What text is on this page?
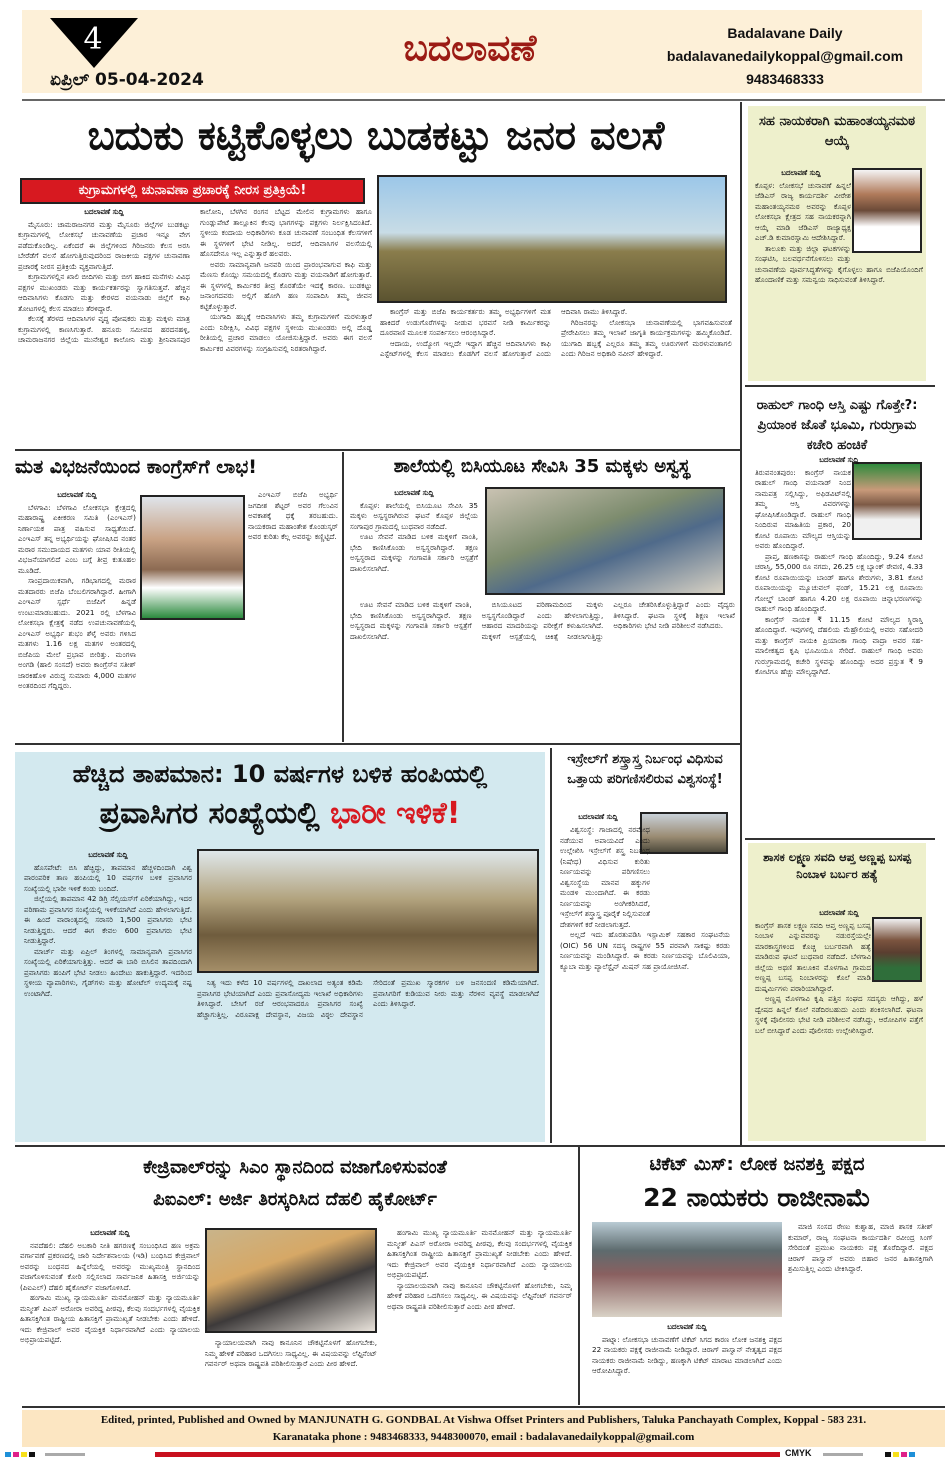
4
ಏಪ್ರಿಲ್ 05-04-2024
ಬದಲಾವಣೆ	Badalavane Daily
badalavanedailykoppal@gmail.com
9483468333
ಬದುಕು ಕಟ್ಟಿಕೊಳ್ಳಲು ಬುಡಕಟ್ಟು ಜನರ ವಲಸೆ
ಕುಗ್ರಾಮಗಳಲ್ಲಿ ಚುನಾವಣಾ ಪ್ರಚಾರಕ್ಕೆ ನೀರಸ ಪ್ರತಿಕ್ರಿಯೆ!
ಬದಲಾವಣೆ ಸುದ್ದಿ

ಮೈಸೂರು: ಚಾಮರಾಜನಗರ ಮತ್ತು ಮೈಸೂರು ಜಿಲ್ಲೆಗಳ ಬುಡಕಟ್ಟು ಕುಗ್ರಾಮಗಳಲ್ಲಿ ಲೋಕಸಭೆ ಚುನಾವಣೆಯ ಪ್ರಚಾರ ಇನ್ನೂ ವೇಗ ಪಡೆದುಕೊಂಡಿಲ್ಲ. ಏಕೆಂದರೆ ಈ ಜಿಲ್ಲೆಗಳಿಂದ ಗಿರಿಜನರು ಕೆಲಸ ಅರಸಿ ಬೇರೆಡೆಗೆ ವಲಸೆ ಹೋಗುತ್ತಿರುವುದರಿಂದ ರಾಜಕೀಯ ಪಕ್ಷಗಳ ಚುನಾವಣಾ ಪ್ರಚಾರಕ್ಕೆ ನೀರಸ ಪ್ರತಿಕ್ರಿಯೆ ವ್ಯಕ್ತವಾಗುತ್ತಿದೆ.

ಕುಗ್ರಾಮಗಳಲ್ಲಿನ ಖಾಲಿ ಬೀದಿಗಳು ಮತ್ತು ಬೀಗ ಹಾಕಿದ ಮನೆಗಳು ವಿವಿಧ ಪಕ್ಷಗಳ ಮುಖಂಡರು ಮತ್ತು ಕಾರ್ಯಕರ್ತರನ್ನು ಸ್ವಾಗತಿಸುತ್ತವೆ. ಹೆಚ್ಚಿನ ಆದಿವಾಸಿಗಳು ಕೊಡಗು ಮತ್ತು ಕೇರಳದ ವಯನಾಡು ಜಿಲ್ಲೆಗೆ ಕಾಫಿ ತೋಟಗಳಲ್ಲಿ ಕೆಲಸ ಮಾಡಲು ತೆರಳಿದ್ದಾರೆ.

ಕೆಲಸಕ್ಕೆ ತೆರಳದ ಆದಿವಾಸಿಗಳ ವೃದ್ಧ ಪೋಷಕರು ಮತ್ತು ಮಕ್ಕಳು ಮಾತ್ರ ಕುಗ್ರಾಮಗಳಲ್ಲಿ ಕಾಣಸಿಗುತ್ತಾರೆ. ಹನೂರು ಸಮೀಪದ ಹರದನಹಳ್ಳಿ, ಚಾಮರಾಜನಗರ ಜಿಲ್ಲೆಯ ಮುನೇಶ್ವರ ಕಾಲೋನಿ ಮತ್ತು ಶ್ರೀನಿವಾಸಪುರ ಕಾಲೋನಿ, ಬೆಳಗಿನ ರಂಗನ ಬೆಟ್ಟದ ಮೇಲಿನ ಕುಗ್ರಾಮಗಳು ಹಾಗೂ ಗುಂಡ್ಲುಪೇಟೆ ತಾಲ್ಲೂಕಿನ ಕೆಲವು ಭಾಗಗಳನ್ನು ಪಕ್ಷಗಳು ನಿರ್ಲಕ್ಷಿಸಿದಂತಿದೆ. ಸ್ಥಳೀಯ ಕಂದಾಯ ಅಧಿಕಾರಿಗಳು ಕೂಡ ಚುನಾವಣೆ ಸಂಬಂಧಿತ ಕೆಲಸಗಳಿಗೆ ಈ ಸ್ಥಳಗಳಿಗೆ ಭೇಟಿ ನೀಡಿಲ್ಲ. ಅದರೆ, ಆದಿವಾಸಿಗಳ ವಲಸೆಯಲ್ಲಿ ಹೊಸದೇನೂ ಇಲ್ಲ ಎನ್ನುತ್ತಾರೆ ಹಲವರು.

ಅವರು ಸಾಮಾನ್ಯವಾಗಿ ಜನವರಿ ಯಿಂದ ಪ್ರಾರಂಭವಾಗುವ ಕಾಫಿ ಮತ್ತು ಮೆಣಸು ಕೊಯ್ಲು ಸಮಯದಲ್ಲಿ ಕೊಡಗು ಮತ್ತು ವಯನಾಡಿಗೆ ಹೋಗುತ್ತಾರೆ. ಈ ಸ್ಥಳಗಳಲ್ಲಿ ಕಾರ್ಮಿಕರ ತೀವ್ರ ಕೊರತೆಯೇ ಇದಕ್ಕೆ ಕಾರಣ. ಬುಡಕಟ್ಟು ಜನಾಂಗದವರು ಅಲ್ಲಿಗೆ ಹೋಗಿ ಹಣ ಸಂಪಾದಿಸಿ ತಮ್ಮ ಜೀವನ ಕಟ್ಟಿಕೊಳ್ಳುತ್ತಾರೆ.

ಯುಗಾದಿ ಹಬ್ಬಕ್ಕೆ ಆದಿವಾಸಿಗಳು ತಮ್ಮ ಕುಗ್ರಾಮಗಳಿಗೆ ಮರಳುತ್ತಾರೆ ಎಂದು ನಿರೀಕ್ಷಿಸಿ, ವಿವಿಧ ಪಕ್ಷಗಳ ಸ್ಥಳೀಯ ಮುಖಂಡರು ಅಲ್ಲಿ ದೊಡ್ಡ ರೀತಿಯಲ್ಲಿ ಪ್ರಚಾರ ಮಾಡಲು ಯೋಜಿಸುತ್ತಿದ್ದಾರೆ. ಅವರು ಈಗ ವಲಸೆ ಕಾರ್ಮಿಕರ ವಿವರಗಳನ್ನು ಸಂಗ್ರಹಿಸುವಲ್ಲಿ ನಿರತರಾಗಿದ್ದಾರೆ.

ಕಾಂಗ್ರೆಸ್ ಮತ್ತು ಬಿಜೆಪಿ ಕಾರ್ಯಕರ್ತರು ತಮ್ಮ ಅಭ್ಯರ್ಥಿಗಳಿಗೆ ಮತ ಹಾಕಿದರೆ ಉಡುಗೊರೆಗಳನ್ನು ನೀಡುವ ಭರವಸೆ ನೀಡಿ ಕಾರ್ಮಿಕರನ್ನು ದೂರವಾಣಿ ಮೂಲಕ ಸಂಪರ್ಕಿಸಲು ಆರಂಭಿಸಿದ್ದಾರೆ.

ಆದಾಯ, ಉದ್ಯೋಗ ಇಲ್ಲದೇ ಇದ್ದಾಗ ಹೆಚ್ಚಿನ ಆದಿವಾಸಿಗಳು ಕಾಫಿ ಎಸ್ಟೇಟ್‌ಗಳಲ್ಲಿ ಕೆಲಸ ಮಾಡಲು ಕೊಡಗಿಗೆ ವಲಸೆ ಹೋಗುತ್ತಾರೆ ಎಂದು ಆದಿವಾಸಿ ರಾಮು ತಿಳಿಸಿದ್ದಾರೆ.

ಗಿರಿಜನರನ್ನು ಲೋಕಸಭಾ ಚುನಾವಣೆಯಲ್ಲಿ ಭಾಗವಹಿಸುವಂತೆ ಪ್ರೇರೇಪಿಸಲು ತಮ್ಮ ಇಲಾಖೆ ಜಾಗೃತಿ ಕಾರ್ಯಕ್ರಮಗಳನ್ನು ಹಮ್ಮಿಕೊಂಡಿದೆ. ಯುಗಾದಿ ಹಬ್ಬಕ್ಕೆ ಎಲ್ಲರೂ ತಮ್ಮ ತಮ್ಮ ಊರುಗಳಿಗೆ ಮರಳುವಂತಾಗಲಿ ಎಂದು ಗಿರಿಜನ ಅಧಿಕಾರಿ ನವೀನ್ ಹೇಳಿದ್ದಾರೆ.

ಮತ ವಿಭಜನೆಯಿಂದ ಕಾಂಗ್ರೆಸ್‌ಗೆ ಲಾಭ!
ಬದಲಾವಣೆ ಸುದ್ದಿ

ಬೆಳಗಾವಿ: ಬೆಳಗಾವಿ ಲೋಕಸಭಾ ಕ್ಷೇತ್ರದಲ್ಲಿ ಮಹಾರಾಷ್ಟ್ರ ಏಕೀಕರಣ ಸಮಿತಿ (ಎಂಇಎಸ್) ನಿರ್ಣಾಯಕ ಪಾತ್ರ ವಹಿಸುವ ಸಾಧ್ಯತೆಯಿದೆ. ಎಂಇಎಸ್ ತನ್ನ ಅಭ್ಯರ್ಥಿಯನ್ನು ಘೋಷಿಸಿದ ನಂತರ ಮರಾಠ ಸಮುದಾಯದ ಮತಗಳು ಯಾವ ರೀತಿಯಲ್ಲಿ ವಿಭಜನೆಯಾಗಲಿದೆ ಎಂಬ ಬಗ್ಗೆ ತೀವ್ರ ಕುತೂಹಲ ಮೂಡಿದೆ.

ಸಾಂಪ್ರದಾಯಿಕವಾಗಿ, ಗಡಿಭಾಗದಲ್ಲಿ ಮರಾಠ ಮತದಾರರು ಬಿಜೆಪಿ ಬೆಂಬಲಿಗರಾಗಿದ್ದಾರೆ. ಹೀಗಾಗಿ ಎಂಇಎಸ್ ಸ್ಪರ್ಧೆ ಬಿಜೆಪಿಗೆ ಹಿನ್ನಡೆ ಉಂಟುಮಾಡಬಹುದು. 2021 ರಲ್ಲಿ ಬೆಳಗಾವಿ ಲೋಕಸಭಾ ಕ್ಷೇತ್ರಕ್ಕೆ ನಡೆದ ಉಪಚುನಾವಣೆಯಲ್ಲಿ ಎಂಇಎಸ್ ಅಭ್ಯರ್ಥಿ ಶುಭಂ ಶೆಳ್ಕೆ ಅವರು ಗಳಿಸಿದ ಮತಗಳು 1.16 ಲಕ್ಷ ಮತಗಳ ಅಂತರದಲ್ಲಿ ಬಿಜೆಪಿಯ ಮೇಲೆ ಪ್ರಭಾವ ಬೀರಿತ್ತು. ಮಂಗಳಾ ಅಂಗಡಿ (ಹಾಲಿ ಸಂಸದೆ) ಅವರು ಕಾಂಗ್ರೆಸ್‌ನ ಸತೀಶ್ ಜಾರಕಿಹೊಳಿ ವಿರುದ್ಧ ಸುಮಾರು 4,000 ಮತಗಳ ಅಂತರದಿಂದ ಗೆದ್ದಿದ್ದರು.

ಎಂಇಎಸ್ ಬಿಜೆಪಿ ಅಭ್ಯರ್ಥಿ ಜಗದೀಶ ಶೆಟ್ಟರ್ ಅವರ ಗೆಲುವಿನ ಅವಕಾಶಕ್ಕೆ ಧಕ್ಕೆ ತರಬಹುದು. ನಾಯಕರಾದ ಮಹಾಂತೇಶ ಕೊಂಡುಸ್ಕರ್ ಅವರ ಕುರಿತು ಕೆಲ್ಲ ಅವರನ್ನು ಕಣ್ಣಿಟ್ಟಿದೆ.

ಶಾಲೆಯಲ್ಲಿ ಬಿಸಿಯೂಟ ಸೇವಿಸಿ 35 ಮಕ್ಕಳು ಅಸ್ವಸ್ಥ
ಬದಲಾವಣೆ ಸುದ್ದಿ

ಕೊಪ್ಪಳ: ಶಾಲೆಯಲ್ಲಿ ಬಿಸಿಯೂಟ ಸೇವಿಸಿ 35 ಮಕ್ಕಳು ಅಸ್ವಸ್ಥರಾಗಿರುವ ಘಟನೆ ಕೊಪ್ಪಳ ಜಿಲ್ಲೆಯ ಸಂಗಾಪುರ ಗ್ರಾಮದಲ್ಲಿ ಬುಧವಾರ ನಡೆದಿದೆ.

ಊಟ ಸೇವನೆ ಮಾಡಿದ ಬಳಿಕ ಮಕ್ಕಳಿಗೆ ವಾಂತಿ, ಭೇದಿ ಕಾಣಿಸಿಕೊಂಡು ಅಸ್ವಸ್ಥರಾಗಿದ್ದಾರೆ. ತಕ್ಷಣ ಅಸ್ವಸ್ಥರಾದ ಮಕ್ಕಳನ್ನು ಗಂಗಾವತಿ ಸರ್ಕಾರಿ ಆಸ್ಪತ್ರೆಗೆ ದಾಖಲಿಸಲಾಗಿದೆ.

ಊಟ ಸೇವನೆ ಮಾಡಿದ ಬಳಿಕ ಮಕ್ಕಳಿಗೆ ವಾಂತಿ, ಭೇದಿ ಕಾಣಿಸಿಕೊಂಡು ಅಸ್ವಸ್ಥರಾಗಿದ್ದಾರೆ. ತಕ್ಷಣ ಅಸ್ವಸ್ಥರಾದ ಮಕ್ಕಳನ್ನು ಗಂಗಾವತಿ ಸರ್ಕಾರಿ ಆಸ್ಪತ್ರೆಗೆ ದಾಖಲಿಸಲಾಗಿದೆ.

ಬಿಸಿಯೂಟದ ಪರಿಣಾಮದಿಂದ ಮಕ್ಕಳು ಅಸ್ವಸ್ಥಗೊಂಡಿದ್ದಾರೆ ಎಂದು ಹೇಳಲಾಗುತ್ತಿದ್ದು, ಆಹಾರದ ಮಾದರಿಯನ್ನು ಪರೀಕ್ಷೆಗೆ ಕಳುಹಿಸಲಾಗಿದೆ. ಮಕ್ಕಳಿಗೆ ಆಸ್ಪತ್ರೆಯಲ್ಲಿ ಚಿಕಿತ್ಸೆ ನೀಡಲಾಗುತ್ತಿದ್ದು ಎಲ್ಲರೂ ಚೇತರಿಸಿಕೊಳ್ಳುತ್ತಿದ್ದಾರೆ ಎಂದು ವೈದ್ಯರು ತಿಳಿಸಿದ್ದಾರೆ. ಘಟನಾ ಸ್ಥಳಕ್ಕೆ ಶಿಕ್ಷಣ ಇಲಾಖೆ ಅಧಿಕಾರಿಗಳು ಭೇಟಿ ನೀಡಿ ಪರಿಶೀಲನೆ ನಡೆಸಿದರು.

ಹೆಚ್ಚಿದ ತಾಪಮಾನ: 10 ವರ್ಷಗಳ ಬಳಿಕ ಹಂಪಿಯಲ್ಲಿ
ಪ್ರವಾಸಿಗರ ಸಂಖ್ಯೆಯಲ್ಲಿ ಭಾರೀ ಇಳಿಕೆ!
ಬದಲಾವಣೆ ಸುದ್ದಿ

ಹೊಸಪೇಟೆ: ಬಿಸಿ ಹೆಚ್ಚಿದ್ದು, ತಾಪಮಾನ ಹೆಚ್ಚಳದಿಂದಾಗಿ ವಿಶ್ವ ಪಾರಂಪರಿಕ ತಾಣ ಹಂಪಿಯಲ್ಲಿ 10 ವರ್ಷಗಳ ಬಳಿಕ ಪ್ರವಾಸಿಗರ ಸಂಖ್ಯೆಯಲ್ಲಿ ಭಾರೀ ಇಳಿಕೆ ಕಂಡು ಬಂದಿದೆ.

ಜಿಲ್ಲೆಯಲ್ಲಿ ತಾಪಮಾನ 42 ಡಿಗ್ರಿ ಸೆಲ್ಸಿಯಸ್‌ಗೆ ಏರಿಕೆಯಾಗಿದ್ದು, ಇದರ ಪರಿಣಾಮ ಪ್ರವಾಸಿಗರ ಸಂಖ್ಯೆಯಲ್ಲಿ ಇಳಿಕೆಯಾಗಿದೆ ಎಂದು ಹೇಳಲಾಗುತ್ತಿದೆ. ಈ ಹಿಂದೆ ವಾರಾಂತ್ಯದಲ್ಲಿ ಸರಾಸರಿ 1,500 ಪ್ರವಾಸಿಗರು ಭೇಟಿ ನೀಡುತ್ತಿದ್ದರು. ಆದರೆ ಈಗ ಕೇವಲ 600 ಪ್ರವಾಸಿಗರು ಭೇಟಿ ನೀಡುತ್ತಿದ್ದಾರೆ.

ಮಾರ್ಚ್ ಮತ್ತು ಏಪ್ರಿಲ್ ತಿಂಗಳಲ್ಲಿ ಸಾಮಾನ್ಯವಾಗಿ ಪ್ರವಾಸಿಗರ ಸಂಖ್ಯೆಯಲ್ಲಿ ಏರಿಕೆಯಾಗುತ್ತಿತ್ತು. ಆದರೆ ಈ ಬಾರಿ ಬಿಸಿಲಿನ ತಾಪದಿಂದಾಗಿ ಪ್ರವಾಸಿಗರು ಹಂಪಿಗೆ ಭೇಟಿ ನೀಡಲು ಹಿಂದೇಟು ಹಾಕುತ್ತಿದ್ದಾರೆ. ಇದರಿಂದ ಸ್ಥಳೀಯ ವ್ಯಾಪಾರಿಗಳು, ಗೈಡ್‌ಗಳು ಮತ್ತು ಹೋಟೆಲ್ ಉದ್ಯಮಕ್ಕೆ ನಷ್ಟ ಉಂಟಾಗಿದೆ.

ನಿತ್ಯ ಇದು ಕಳೆದ 10 ವರ್ಷಗಳಲ್ಲಿ ದಾಖಲಾದ ಅತ್ಯಂತ ಕಡಿಮೆ ಪ್ರವಾಸಿಗರ ಭೇಟಿಯಾಗಿದೆ ಎಂದು ಪ್ರವಾಸೋದ್ಯಮ ಇಲಾಖೆ ಅಧಿಕಾರಿಗಳು ತಿಳಿಸಿದ್ದಾರೆ. ಬೇಸಿಗೆ ರಜೆ ಆರಂಭವಾದರೂ ಪ್ರವಾಸಿಗರ ಸಂಖ್ಯೆ ಹೆಚ್ಚಾಗುತ್ತಿಲ್ಲ. ವಿರೂಪಾಕ್ಷ ದೇವಸ್ಥಾನ, ವಿಜಯ ವಿಠ್ಠಲ ದೇವಸ್ಥಾನ ಸೇರಿದಂತೆ ಪ್ರಮುಖ ಸ್ಮಾರಕಗಳ ಬಳಿ ಜನಸಂದಣಿ ಕಡಿಮೆಯಾಗಿದೆ. ಪ್ರವಾಸಿಗರಿಗೆ ಕುಡಿಯುವ ನೀರು ಮತ್ತು ನೆರಳಿನ ವ್ಯವಸ್ಥೆ ಮಾಡಲಾಗಿದೆ ಎಂದು ತಿಳಿಸಿದ್ದಾರೆ.

ಇಸ್ರೇಲ್‌ಗೆ ಶಸ್ತ್ರಾಸ್ತ್ರ ನಿರ್ಬಂಧ ವಿಧಿಸುವ ಒತ್ತಾಯ ಪರಿಗಣಿಸಲಿರುವ ವಿಶ್ವಸಂಸ್ಥೆ!
ಬದಲಾವಣೆ ಸುದ್ದಿ

ವಿಶ್ವಸಂಸ್ಥೆ: ಗಾಜಾದಲ್ಲಿ ನರಮೇಧ ನಡೆಯುವ ಅಪಾಯವಿದೆ ಎಂದು ಉಲ್ಲೇಖಿಸಿ ಇಸ್ರೇಲ್‌ಗೆ ಶಸ್ತ್ರ ನಿರ್ಬಂಧ (ನಿಷೇಧ) ವಿಧಿಸುವ ಕುರಿತು ನಿರ್ಣಯವನ್ನು ಪರಿಗಣಿಸಲು ವಿಶ್ವಸಂಸ್ಥೆಯ ಮಾನವ ಹಕ್ಕುಗಳ ಮಂಡಳಿ ಮುಂದಾಗಿದೆ. ಈ ಕರಡು ನಿರ್ಣಯವನ್ನು ಅಂಗೀಕರಿಸಿದರೆ, ಇಸ್ರೇಲ್‌ಗೆ ಶಸ್ತ್ರಾಸ್ತ್ರ ಪೂರೈಕೆ ನಿಲ್ಲಿಸುವಂತೆ ದೇಶಗಳಿಗೆ ಕರೆ ನೀಡಲಾಗುತ್ತದೆ.

ಅಲ್ಲದೆ ಇದು ಹೊರತುಪಡಿಸಿ ಇಸ್ಲಾಮಿಕ್ ಸಹಕಾರ ಸಂಘಟನೆಯ (OIC) 56 UN ಸದಸ್ಯ ರಾಷ್ಟ್ರಗಳ 55 ಪರವಾಗಿ ಸಾಕಷ್ಟು ಕರಡು ನಿರ್ಣಯವನ್ನು ಮಂಡಿಸಿದ್ದಾರೆ. ಈ ಕರಡು ನಿರ್ಣಯವನ್ನು ಬೊಲಿವಿಯಾ, ಕ್ಯೂಬಾ ಮತ್ತು ಪ್ಯಾಲೆಸ್ಟೈನ್ ಮಿಷನ್ ಸಹ ಪ್ರಾಯೋಜಿಸಿವೆ.

ಸಹ ನಾಯಕರಾಗಿ ಮಹಾಂತಯ್ಯನಮಠ ಆಯ್ಕೆ
ಬದಲಾವಣೆ ಸುದ್ದಿ

ಕೊಪ್ಪಳ: ಲೋಕಸಭೆ ಚುನಾವಣೆ ಹಿನ್ನಲೆ ಜೆಡಿಎಸ್ ರಾಜ್ಯ ಕಾರ್ಯದರ್ಶಿ ವೀರೇಶ ಮಹಾಂತಯ್ಯನಮಠ ಅವರನ್ನು ಕೊಪ್ಪಳ ಲೋಕಸಭಾ ಕ್ಷೇತ್ರದ ಸಹ ನಾಯಕರನ್ನಾಗಿ ಆಯ್ಕೆ ಮಾಡಿ ಜೆಡಿಎಸ್ ರಾಜ್ಯಾಧ್ಯಕ್ಷ ಎಚ್.ಡಿ ಕುಮಾರಸ್ವಾಮಿ ಆದೇಶಿಸಿದ್ದಾರೆ.

ತಾಲೂಕು ಮತ್ತು ಜಿಲ್ಲಾ ಘಟಕಗಳನ್ನು ಸಂಘಟಿಸಿ, ಬಲವರ್ಧನೆಗೊಳಿಸಲು ಮತ್ತು ಚುನಾವಣೆಯ ಪೂರ್ವಸಿದ್ಧತೆಗಳನ್ನು ಕೈಗೊಳ್ಳಲು ಹಾಗೂ ಬಿಜೆಪಿಯೊಂದಿಗೆ ಹೊಂದಾಣಿಕೆ ಮತ್ತು ಸಮನ್ವಯ ಸಾಧಿಸುವಂತೆ ತಿಳಿಸಿದ್ದಾರೆ.

ರಾಹುಲ್ ಗಾಂಧಿ ಆಸ್ತಿ ಎಷ್ಟು ಗೊತ್ತೇ?: ಪ್ರಿಯಾಂಕ ಜೊತೆ ಭೂಮಿ, ಗುರುಗ್ರಾಮ ಕಚೇರಿ ಹಂಚಿಕೆ
ಬದಲಾವಣೆ ಸುದ್ದಿ

ತಿರುವನಂತಪುರಂ: ಕಾಂಗ್ರೆಸ್ ನಾಯಕ ರಾಹುಲ್ ಗಾಂಧಿ ವಯನಾಡ್ ನಿಂದ ನಾಮಪತ್ರ ಸಲ್ಲಿಸಿದ್ದು, ಅಫಿಡವಿಟ್‌ನಲ್ಲಿ ತಮ್ಮ ಆಸ್ತಿ ವಿವರಗಳನ್ನು ಘೋಷಿಸಿಕೊಂಡಿದ್ದಾರೆ. ರಾಹುಲ್ ಗಾಂಧಿ ನಿಂದಿರುವ ಮಾಹಿತಿಯ ಪ್ರಕಾರ, 20 ಕೋಟಿ ರೂಪಾಯಿ ಮೌಲ್ಯದ ಆಸ್ತಿಯನ್ನು ಅವರು ಹೊಂದಿದ್ದಾರೆ.

ಪ್ರಾಪ್ತ, ಹಣಕಾಸನ್ನು ರಾಹುಲ್ ಗಾಂಧಿ ಹೊಂದಿದ್ದು, 9.24 ಕೋಟಿ ಚರಾಸ್ತಿ, 55,000 ರೂ ನಗದು, 26.25 ಲಕ್ಷ ಬ್ಯಾಂಕ್ ಠೇವಣಿ, 4.33 ಕೋಟಿ ರೂಪಾಯಿಯನ್ನು ಬಾಂಡ್ ಹಾಗೂ ಶೇರುಗಳು, 3.81 ಕೋಟಿ ರೂಪಾಯಿಯನ್ನು ಮ್ಯೂಚುವಲ್ ಫಂಡ್, 15.21 ಲಕ್ಷ ರೂಪಾಯಿ ಗೋಲ್ಡ್ ಬಾಂಡ್ ಹಾಗೂ 4.20 ಲಕ್ಷ ರೂಪಾಯಿ ಚಿನ್ನಾಭರಣಗಳನ್ನು ರಾಹುಲ್ ಗಾಂಧಿ ಹೊಂದಿದ್ದಾರೆ.

ಕಾಂಗ್ರೆಸ್ ನಾಯಕ ₹ 11.15 ಕೋಟಿ ಮೌಲ್ಯದ ಸ್ಥಿರಾಸ್ತಿ ಹೊಂದಿದ್ದಾರೆ. ಇವುಗಳಲ್ಲಿ ದೆಹಲಿಯ ಮೆಹ್ರೌಲಿಯಲ್ಲಿ ಅವರು ಸಹೋದರಿ ಮತ್ತು ಕಾಂಗ್ರೆಸ್ ನಾಯಕಿ ಪ್ರಿಯಾಂಕಾ ಗಾಂಧಿ ವಾದ್ರಾ ಅವರ ಸಹ-ಮಾಲೀಕತ್ವದ ಕೃಷಿ ಭೂಮಿಯೂ ಸೇರಿದೆ. ರಾಹುಲ್ ಗಾಂಧಿ ಅವರು ಗುರುಗ್ರಾಮದಲ್ಲಿ ಕಚೇರಿ ಸ್ಥಳವನ್ನು ಹೊಂದಿದ್ದು ಅದರ ಪ್ರಸ್ತುತ ₹ 9 ಕೋಟಿಗೂ ಹೆಚ್ಚು ಮೌಲ್ಯದ್ದಾಗಿದೆ.

ಶಾಸಕ ಲಕ್ಷ್ಮಣ ಸವದಿ ಆಪ್ತ ಅಣ್ಣಪ್ಪ ಬಸಪ್ಪ ನಿಂಬಾಳ ಬರ್ಬರ ಹತ್ಯೆ
ಬದಲಾವಣೆ ಸುದ್ದಿ

ಕಾಂಗ್ರೆಸ್ ಶಾಸಕ ಲಕ್ಷ್ಮಣ ಸವದಿ ಆಪ್ತ ಅಣ್ಣಪ್ಪ ಬಸಪ್ಪ ನಿಂಬಾಳ ಎನ್ನುವವರನ್ನು ನಡುರಸ್ತೆಯಲ್ಲೇ ಮಾರಕಾಸ್ತ್ರಗಳಿಂದ ಕೊಚ್ಚಿ ಬರ್ಬರವಾಗಿ ಹತ್ಯೆ ಮಾಡಿರುವ ಘಟನೆ ಬುಧವಾರ ನಡೆದಿದೆ. ಬೆಳಗಾವಿ ಜಿಲ್ಲೆಯ ಅಥಣಿ ತಾಲೂಕಿನ ಮೊಳಗಾವಿ ಗ್ರಾಮದ ಅಣ್ಣಪ್ಪ ಬಸಪ್ಪ ನಿಂಬಾಳರನ್ನು ಕೊಲೆ ಮಾಡಿ ದುಷ್ಕರ್ಮಿಗಳು ಪರಾರಿಯಾಗಿದ್ದಾರೆ.

ಅಣ್ಣಪ್ಪ ಮೊಳಗಾವಿ ಕೃಷಿ ಪತ್ತಿನ ಸಂಘದ ಸದಸ್ಯರು ಆಗಿದ್ದು, ಹಳೆ ದ್ವೇಷದ ಹಿನ್ನಲೆ ಕೊಲೆ ನಡೆದಿರಬಹುದು ಎಂದು ಶಂಕಿಸಲಾಗಿದೆ. ಘಟನಾ ಸ್ಥಳಕ್ಕೆ ಪೊಲೀಸರು ಭೇಟಿ ನೀಡಿ ಪರಿಶೀಲನೆ ನಡೆಸಿದ್ದು, ಆರೋಪಿಗಳ ಪತ್ತೆಗೆ ಬಲೆ ಬೀಸಿದ್ದಾರೆ ಎಂದು ಪೊಲೀಸರು ಉಲ್ಲೇಖಿಸಿದ್ದಾರೆ.

ಕೇಜ್ರಿವಾಲ್‌ರನ್ನು ಸಿಎಂ ಸ್ಥಾನದಿಂದ ವಜಾಗೊಳಿಸುವಂತೆ
ಪಿಐಎಲ್: ಅರ್ಜಿ ತಿರಸ್ಕರಿಸಿದ ದೆಹಲಿ ಹೈಕೋರ್ಟ್
ಬದಲಾವಣೆ ಸುದ್ದಿ

ನವದೆಹಲಿ: ದೆಹಲಿ ಅಬಕಾರಿ ನೀತಿ ಹಗರಣಕ್ಕೆ ಸಂಬಂಧಿಸಿದ ಹಣ ಅಕ್ರಮ ವರ್ಗಾವಣೆ ಪ್ರಕರಣದಲ್ಲಿ ಜಾರಿ ನಿರ್ದೇಶನಾಲಯ (ಇಡಿ) ಬಂಧಿಸಿದ ಕೇಜ್ರಿವಾಲ್ ಅವರನ್ನು ಬಂಧನದ ಹಿನ್ನೆಲೆಯಲ್ಲಿ ಅವರನ್ನು ಮುಖ್ಯಮಂತ್ರಿ ಸ್ಥಾನದಿಂದ ವಜಾಗೊಳಿಸುವಂತೆ ಕೋರಿ ಸಲ್ಲಿಸಲಾದ ಸಾರ್ವಜನಿಕ ಹಿತಾಸಕ್ತಿ ಅರ್ಜಿಯನ್ನು (ಪಿಐಎಲ್) ದೆಹಲಿ ಹೈಕೋರ್ಟ್ ವಜಾಗೊಳಿಸಿದೆ.

ಹಂಗಾಮಿ ಮುಖ್ಯ ನ್ಯಾಯಮೂರ್ತಿ ಮನಮೋಹನ್ ಮತ್ತು ನ್ಯಾಯಮೂರ್ತಿ ಮನ್ಮೀತ್ ಪಿಎಸ್ ಅರೋರಾ ಅವರಿದ್ದ ಪೀಠವು, ಕೆಲವು ಸಂದರ್ಭಗಳಲ್ಲಿ ವೈಯಕ್ತಿಕ ಹಿತಾಸಕ್ತಿಗಿಂತ ರಾಷ್ಟ್ರೀಯ ಹಿತಾಸಕ್ತಿಗೆ ಪ್ರಾಮುಖ್ಯತೆ ನೀಡಬೇಕು ಎಂದು ಹೇಳಿದೆ. ಇದು ಕೇಜ್ರಿವಾಲ್ ಅವರ ವೈಯಕ್ತಿಕ ನಿರ್ಧಾರವಾಗಿದೆ ಎಂದು ನ್ಯಾಯಾಲಯ ಅಭಿಪ್ರಾಯಪಟ್ಟಿದೆ.	ನ್ಯಾಯಾಲಯವಾಗಿ ನಾವು ಕಾನೂನಿನ ಚೌಕಟ್ಟಿನೊಳಗೆ ಹೋಗಬೇಕು, ನಿಮ್ಮ ಹೇಳಿಕೆ ಪರಿಹಾರ ಒದಗಿಸಲು ಸಾಧ್ಯವಿಲ್ಲ. ಈ ವಿಷಯವನ್ನು ಲೆಫ್ಟಿನೆಂಟ್ ಗವರ್ನರ್ ಅಥವಾ ರಾಷ್ಟ್ರಪತಿ ಪರಿಶೀಲಿಸುತ್ತಾರೆ ಎಂದು ಪೀಠ ಹೇಳಿದೆ.

ಹಂಗಾಮಿ ಮುಖ್ಯ ನ್ಯಾಯಮೂರ್ತಿ ಮನಮೋಹನ್ ಮತ್ತು ನ್ಯಾಯಮೂರ್ತಿ ಮನ್ಮೀತ್ ಪಿಎಸ್ ಅರೋರಾ ಅವರಿದ್ದ ಪೀಠವು, ಕೆಲವು ಸಂದರ್ಭಗಳಲ್ಲಿ ವೈಯಕ್ತಿಕ ಹಿತಾಸಕ್ತಿಗಿಂತ ರಾಷ್ಟ್ರೀಯ ಹಿತಾಸಕ್ತಿಗೆ ಪ್ರಾಮುಖ್ಯತೆ ನೀಡಬೇಕು ಎಂದು ಹೇಳಿದೆ. ಇದು ಕೇಜ್ರಿವಾಲ್ ಅವರ ವೈಯಕ್ತಿಕ ನಿರ್ಧಾರವಾಗಿದೆ ಎಂದು ನ್ಯಾಯಾಲಯ ಅಭಿಪ್ರಾಯಪಟ್ಟಿದೆ.

ನ್ಯಾಯಾಲಯವಾಗಿ ನಾವು ಕಾನೂನಿನ ಚೌಕಟ್ಟಿನೊಳಗೆ ಹೋಗಬೇಕು, ನಿಮ್ಮ ಹೇಳಿಕೆ ಪರಿಹಾರ ಒದಗಿಸಲು ಸಾಧ್ಯವಿಲ್ಲ. ಈ ವಿಷಯವನ್ನು ಲೆಫ್ಟಿನೆಂಟ್ ಗವರ್ನರ್ ಅಥವಾ ರಾಷ್ಟ್ರಪತಿ ಪರಿಶೀಲಿಸುತ್ತಾರೆ ಎಂದು ಪೀಠ ಹೇಳಿದೆ.

ಟಿಕೆಟ್ ಮಿಸ್: ಲೋಕ ಜನಶಕ್ತಿ ಪಕ್ಷದ
22 ನಾಯಕರು ರಾಜೀನಾಮೆ
ಬದಲಾವಣೆ ಸುದ್ದಿ

ಪಾಟ್ನಾ: ಲೋಕಸಭಾ ಚುನಾವಣೆಗೆ ಟಿಕೆಟ್ ಸಿಗದ ಕಾರಣ ಲೋಕ ಜನಶಕ್ತಿ ಪಕ್ಷದ 22 ನಾಯಕರು ಪಕ್ಷಕ್ಕೆ ರಾಜೀನಾಮೆ ನೀಡಿದ್ದಾರೆ. ಚಿರಾಗ್ ಪಾಸ್ವಾನ್ ನೇತೃತ್ವದ ಪಕ್ಷದ ನಾಯಕರು ರಾಜೀನಾಮೆ ನೀಡಿದ್ದು, ಹಣಕ್ಕಾಗಿ ಟಿಕೆಟ್ ಮಾರಾಟ ಮಾಡಲಾಗಿದೆ ಎಂದು ಆರೋಪಿಸಿದ್ದಾರೆ.

ಮಾಜಿ ಸಂಸದ ರೇಣು ಕುಶ್ವಾಹ, ಮಾಜಿ ಶಾಸಕ ಸತೀಶ್ ಕುಮಾರ್, ರಾಜ್ಯ ಸಂಘಟನಾ ಕಾರ್ಯದರ್ಶಿ ರವೀಂದ್ರ ಸಿಂಗ್ ಸೇರಿದಂತೆ ಪ್ರಮುಖ ನಾಯಕರು ಪಕ್ಷ ತೊರೆದಿದ್ದಾರೆ. ಪಕ್ಷದ ಚಿರಾಗ್ ಪಾಸ್ವಾನ್ ಅವರು ಬಿಹಾರ ಜನರ ಹಿತಾಸಕ್ತಿಗಾಗಿ ಶ್ರಮಿಸುತ್ತಿಲ್ಲ ಎಂದು ಟೀಕಿಸಿದ್ದಾರೆ.

Edited, printed, Published and Owned by MANJUNATH G. GONDBAL At Vishwa Offset Printers and Publishers, Taluka Panchayath Complex, Koppal - 583 231.
Karanataka phone : 9483468333, 9448300070, email : badalavanedailykoppal@gmail.com
CMYK
